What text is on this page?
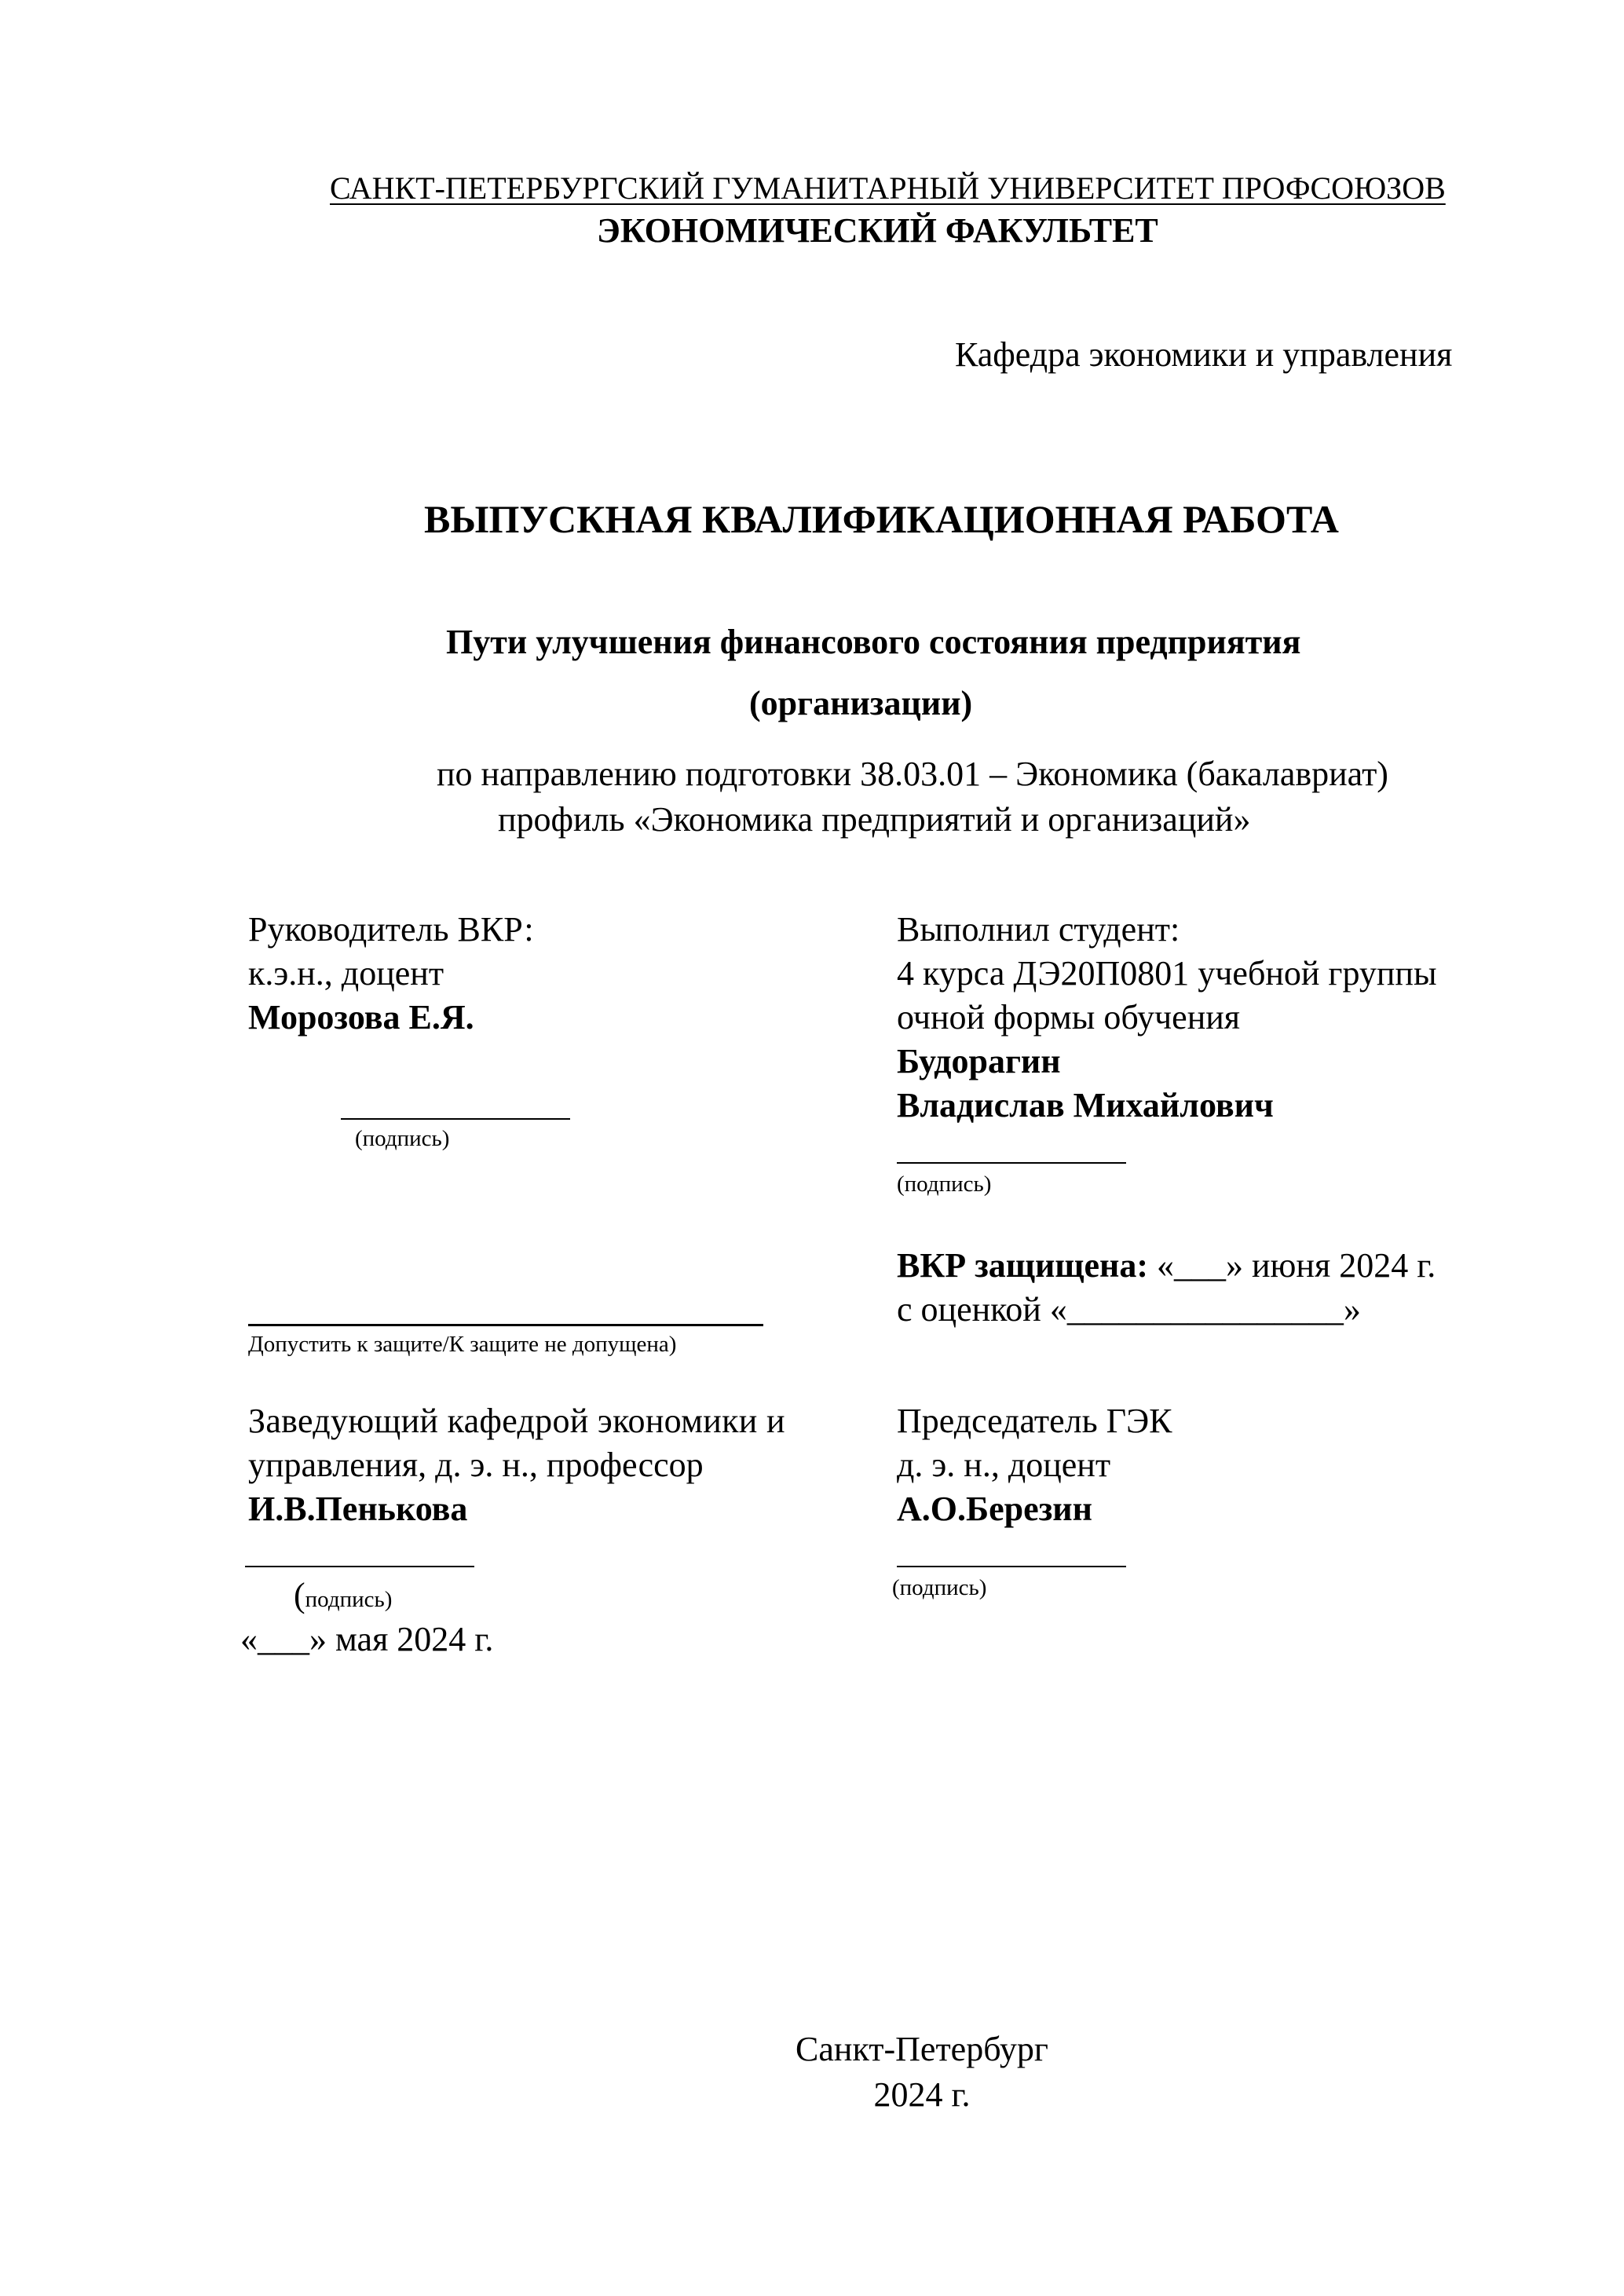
САНКТ-ПЕТЕРБУРГСКИЙ ГУМАНИТАРНЫЙ УНИВЕРСИТЕТ ПРОФСОЮЗОВ
ЭКОНОМИЧЕСКИЙ ФАКУЛЬТЕТ
Кафедра экономики и управления
ВЫПУСКНАЯ КВАЛИФИКАЦИОННАЯ РАБОТА
Пути улучшения финансового состояния предприятия
(организации)
по направлению подготовки 38.03.01 – Экономика (бакалавриат)
профиль «Экономика предприятий и организаций»
Руководитель ВКР:
к.э.н., доцент
Морозова Е.Я.
(подпись)
Выполнил студент:
4 курса ДЭ20П0801 учебной группы
очной формы обучения
Будорагин
Владислав Михайлович
(подпись)
ВКР защищена: «___» июня 2024 г.
с оценкой «________________»
Допустить к защите/К защите не допущена)
Заведующий кафедрой экономики и
управления, д. э. н., профессор
И.В.Пенькова
(подпись)
«___» мая 2024 г.
Председатель ГЭК
д. э. н., доцент
А.О.Березин
(подпись)
Санкт-Петербург
2024 г.
